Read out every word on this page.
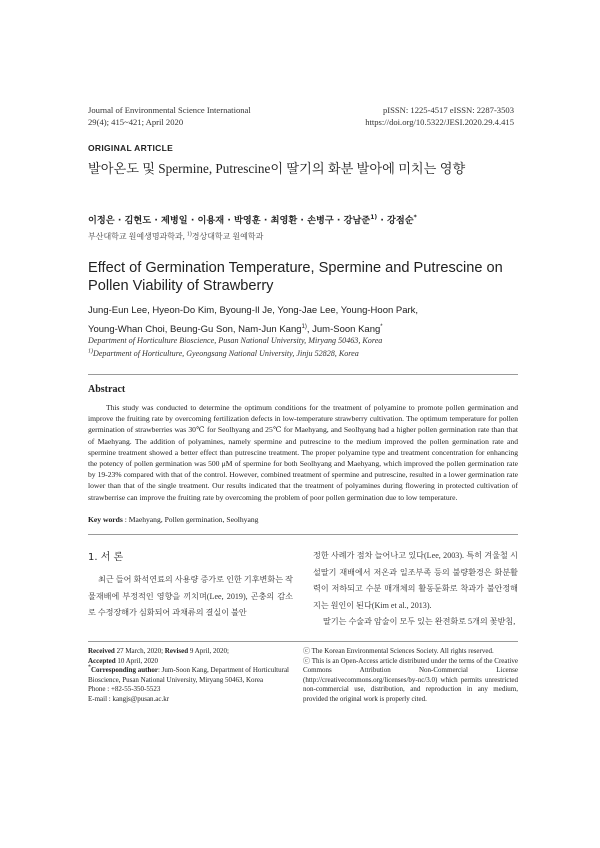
Journal of Environmental Science International
29(4); 415~421; April 2020
pISSN: 1225-4517 eISSN: 2287-3503
https://doi.org/10.5322/JESI.2020.29.4.415
ORIGINAL ARTICLE
발아온도 및 Spermine, Putrescine이 딸기의 화분 발아에 미치는 영향
이정은 · 김현도 · 제병일 · 이용재 · 박영훈 · 최영환 · 손병구 · 강남준$^{1)}$ · 강점순*
부산대학교 원예생명과학과, $^{1)}$경상대학교 원예학과
Effect of Germination Temperature, Spermine and Putrescine on Pollen Viability of Strawberry
Jung-Eun Lee, Hyeon-Do Kim, Byoung-Il Je, Yong-Jae Lee, Young-Hoon Park,
Young-Whan Choi, Beung-Gu Son, Nam-Jun Kang$^{1)}$, Jum-Soon Kang*
Department of Horticulture Bioscience, Pusan National University, Miryang 50463, Korea
$^{1)}$Department of Horticulture, Gyeongsang National University, Jinju 52828, Korea
Abstract
This study was conducted to determine the optimum conditions for the treatment of polyamine to promote pollen germination and improve the fruiting rate by overcoming fertilization defects in low-temperature strawberry cultivation. The optimum temperature for pollen germination of strawberries was 30℃ for Seolhyang and 25℃ for Maehyang, and Seolhyang had a higher pollen germination rate than that of Maehyang. The addition of polyamines, namely spermine and putrescine to the medium improved the pollen germination rate and spermine treatment showed a better effect than putrescine treatment. The proper polyamine type and treatment concentration for enhancing the potency of pollen germination was 500 μM of spermine for both Seolhyang and Maehyang, which improved the pollen germination rate by 19-23% compared with that of the control. However, combined treatment of spermine and putrescine, resulted in a lower germination rate lower than that of the single treatment. Our results indicated that the treatment of polyamines during flowering in protected cultivation of strawberrise can improve the fruiting rate by overcoming the problem of poor pollen germination due to low temperature.
Key words : Maehyang, Pollen germination, Seolhyang
1. 서 론
최근 들어 화석연료의 사용량 증가로 인한 기후변화는 작물재배에 부정적인 영향을 끼치며(Lee, 2019), 곤충의 감소로 수정장해가 심화되어 과채류의 결실이 불안
정한 사례가 점차 늘어나고 있다(Lee, 2003). 특히 겨울철 시설딸기 재배에서 저온과 일조부족 등의 불량환경은 화분활력이 저하되고 수분 매개체의 활동둔화로 착과가 불안정해지는 원인이 된다(Kim et al., 2013).
딸기는 수술과 암술이 모두 있는 완전화로 5개의 꽃받침,
Received 27 March, 2020; Revised 9 April, 2020;
Accepted 10 April, 2020
*Corresponding author: Jum-Soon Kang, Department of Horticultural Bioscience, Pusan National University, Miryang 50463, Korea
Phone : +82-55-350-5523
E-mail : kangjs@pusan.ac.kr
ⓒ The Korean Environmental Sciences Society. All rights reserved.
ⓒ This is an Open-Access article distributed under the terms of the Creative Commons Attribution Non-Commercial License (http://creativecommons.org/licenses/by-nc/3.0) which permits unrestricted non-commercial use, distribution, and reproduction in any medium, provided the original work is properly cited.
